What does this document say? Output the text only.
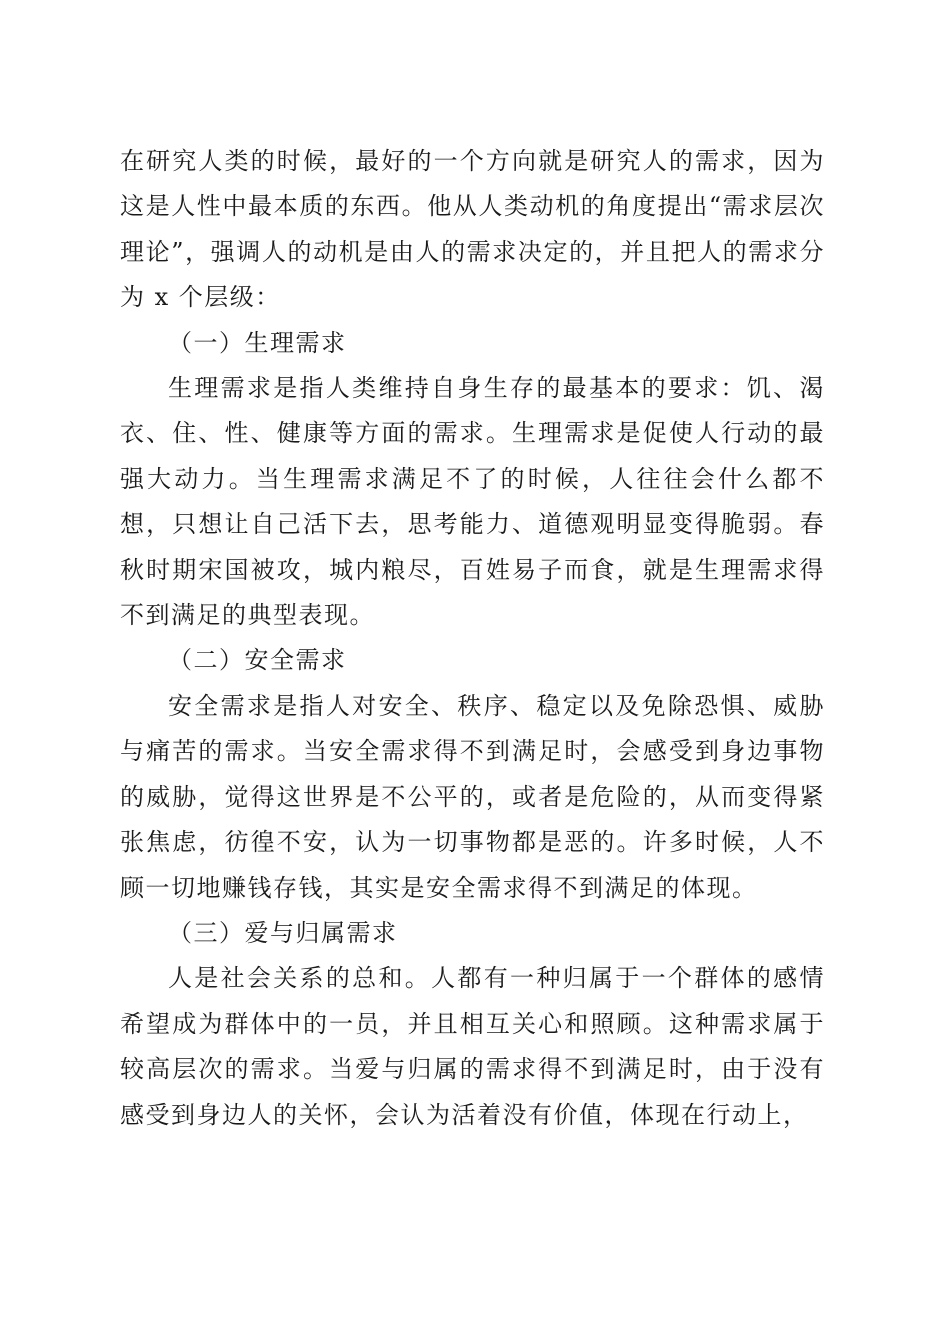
在研究人类的时候，最好的一个方向就是研究人的需求，因为这是人性中最本质的东西。他从人类动机的角度提出“需求层次理论”，强调人的动机是由人的需求决定的，并且把人的需求分为 x 个层级：

（一）生理需求

生理需求是指人类维持自身生存的最基本的要求：饥、渴衣、住、性、健康等方面的需求。生理需求是促使人行动的最强大动力。当生理需求满足不了的时候，人往往会什么都不想，只想让自己活下去，思考能力、道德观明显变得脆弱。春秋时期宋国被攻，城内粮尽，百姓易子而食，就是生理需求得不到满足的典型表现。

（二）安全需求

安全需求是指人对安全、秩序、稳定以及免除恐惧、威胁与痛苦的需求。当安全需求得不到满足时，会感受到身边事物的威胁，觉得这世界是不公平的，或者是危险的，从而变得紧张焦虑，彷徨不安，认为一切事物都是恶的。许多时候，人不顾一切地赚钱存钱，其实是安全需求得不到满足的体现。

（三）爱与归属需求

人是社会关系的总和。人都有一种归属于一个群体的感情希望成为群体中的一员，并且相互关心和照顾。这种需求属于较高层次的需求。当爱与归属的需求得不到满足时，由于没有感受到身边人的关怀，会认为活着没有价值，体现在行动上，
